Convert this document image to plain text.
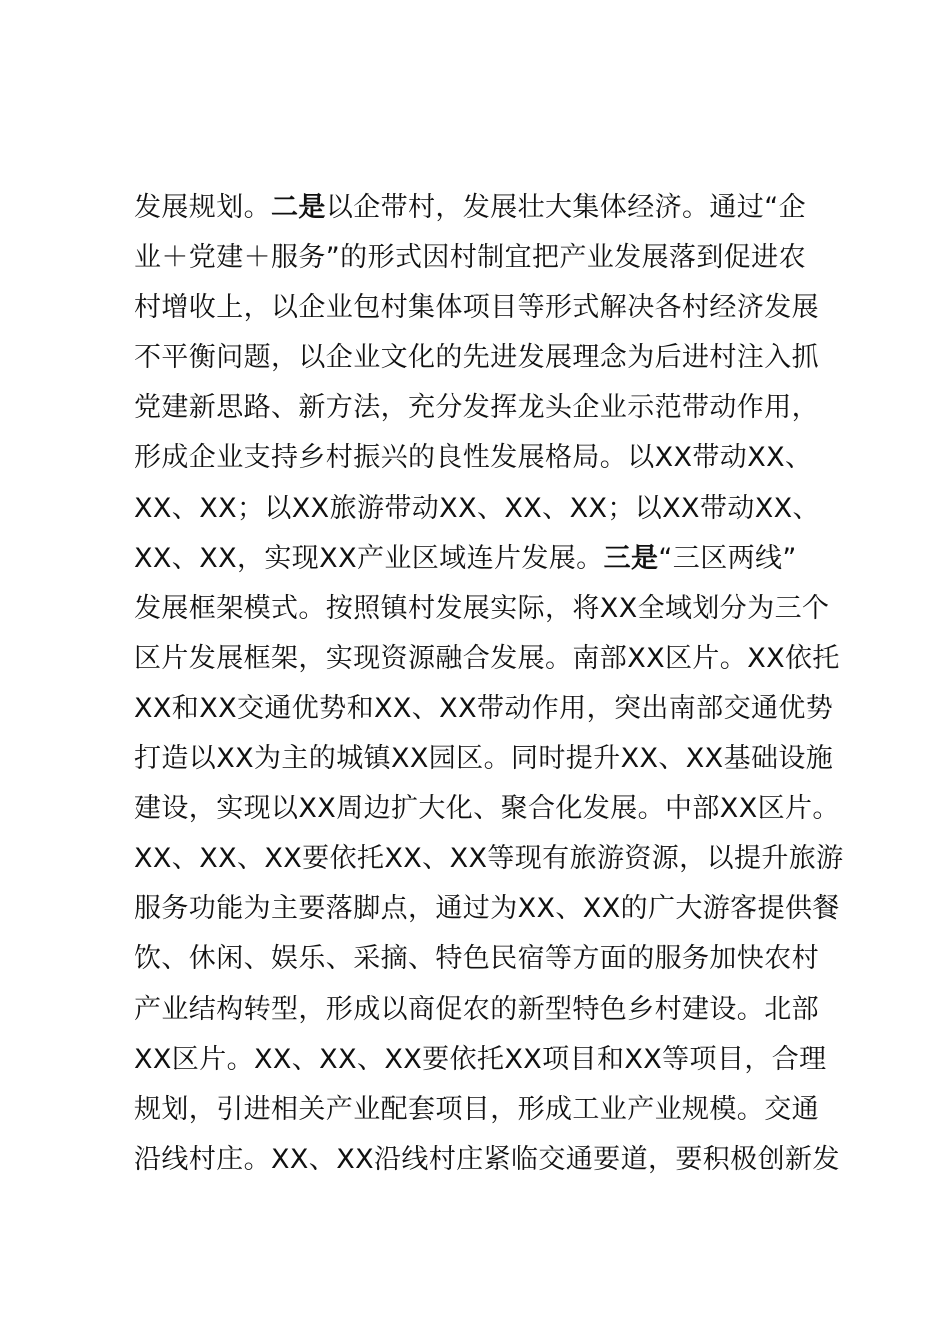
发展规划。二是以企带村，发展壮大集体经济。通过“企
业＋党建＋服务”的形式因村制宜把产业发展落到促进农
村增收上，以企业包村集体项目等形式解决各村经济发展
不平衡问题，以企业文化的先进发展理念为后进村注入抓
党建新思路、新方法，充分发挥龙头企业示范带动作用，
形成企业支持乡村振兴的良性发展格局。以XX带动XX、
XX、XX；以XX旅游带动XX、XX、XX；以XX带动XX、
XX、XX，实现XX产业区域连片发展。三是“三区两线”
发展框架模式。按照镇村发展实际，将XX全域划分为三个
区片发展框架，实现资源融合发展。南部XX区片。XX依托
XX和XX交通优势和XX、XX带动作用，突出南部交通优势
打造以XX为主的城镇XX园区。同时提升XX、XX基础设施
建设，实现以XX周边扩大化、聚合化发展。中部XX区片。
XX、XX、XX要依托XX、XX等现有旅游资源，以提升旅游
服务功能为主要落脚点，通过为XX、XX的广大游客提供餐
饮、休闲、娱乐、采摘、特色民宿等方面的服务加快农村
产业结构转型，形成以商促农的新型特色乡村建设。北部
XX区片。XX、XX、XX要依托XX项目和XX等项目，合理
规划，引进相关产业配套项目，形成工业产业规模。交通
沿线村庄。XX、XX沿线村庄紧临交通要道，要积极创新发
